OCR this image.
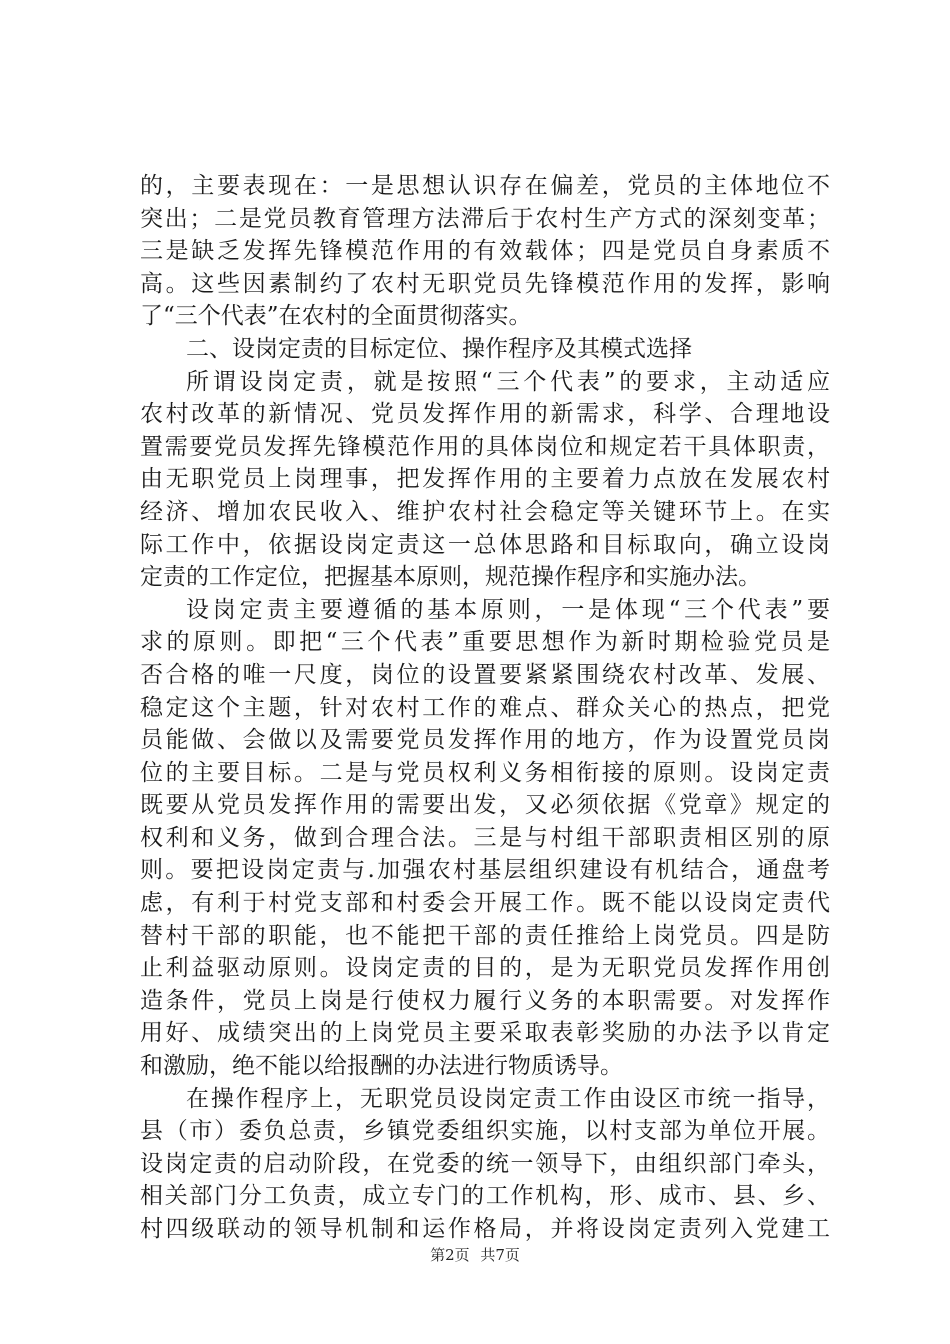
的，主要表现在：一是思想认识存在偏差，党员的主体地位不
突出；二是党员教育管理方法滞后于农村生产方式的深刻变革；
三是缺乏发挥先锋模范作用的有效载体；四是党员自身素质不
高。这些因素制约了农村无职党员先锋模范作用的发挥，影响
了“三个代表”在农村的全面贯彻落实。
二、设岗定责的目标定位、操作程序及其模式选择
所谓设岗定责，就是按照“三个代表”的要求，主动适应
农村改革的新情况、党员发挥作用的新需求，科学、合理地设
置需要党员发挥先锋模范作用的具体岗位和规定若干具体职责，
由无职党员上岗理事，把发挥作用的主要着力点放在发展农村
经济、增加农民收入、维护农村社会稳定等关键环节上。在实
际工作中，依据设岗定责这一总体思路和目标取向，确立设岗
定责的工作定位，把握基本原则，规范操作程序和实施办法。
设岗定责主要遵循的基本原则，一是体现“三个代表”要
求的原则。即把“三个代表”重要思想作为新时期检验党员是
否合格的唯一尺度，岗位的设置要紧紧围绕农村改革、发展、
稳定这个主题，针对农村工作的难点、群众关心的热点，把党
员能做、会做以及需要党员发挥作用的地方，作为设置党员岗
位的主要目标。二是与党员权利义务相衔接的原则。设岗定责
既要从党员发挥作用的需要出发，又必须依据《党章》规定的
权利和义务，做到合理合法。三是与村组干部职责相区别的原
则。要把设岗定责与.加强农村基层组织建设有机结合，通盘考
虑，有利于村党支部和村委会开展工作。既不能以设岗定责代
替村干部的职能，也不能把干部的责任推给上岗党员。四是防
止利益驱动原则。设岗定责的目的，是为无职党员发挥作用创
造条件，党员上岗是行使权力履行义务的本职需要。对发挥作
用好、成绩突出的上岗党员主要采取表彰奖励的办法予以肯定
和激励，绝不能以给报酬的办法进行物质诱导。
在操作程序上，无职党员设岗定责工作由设区市统一指导，
县（市）委负总责，乡镇党委组织实施，以村支部为单位开展。
设岗定责的启动阶段，在党委的统一领导下，由组织部门牵头，
相关部门分工负责，成立专门的工作机构，形、成市、县、乡、
村四级联动的领导机制和运作格局，并将设岗定责列入党建工
第2页 共7页
